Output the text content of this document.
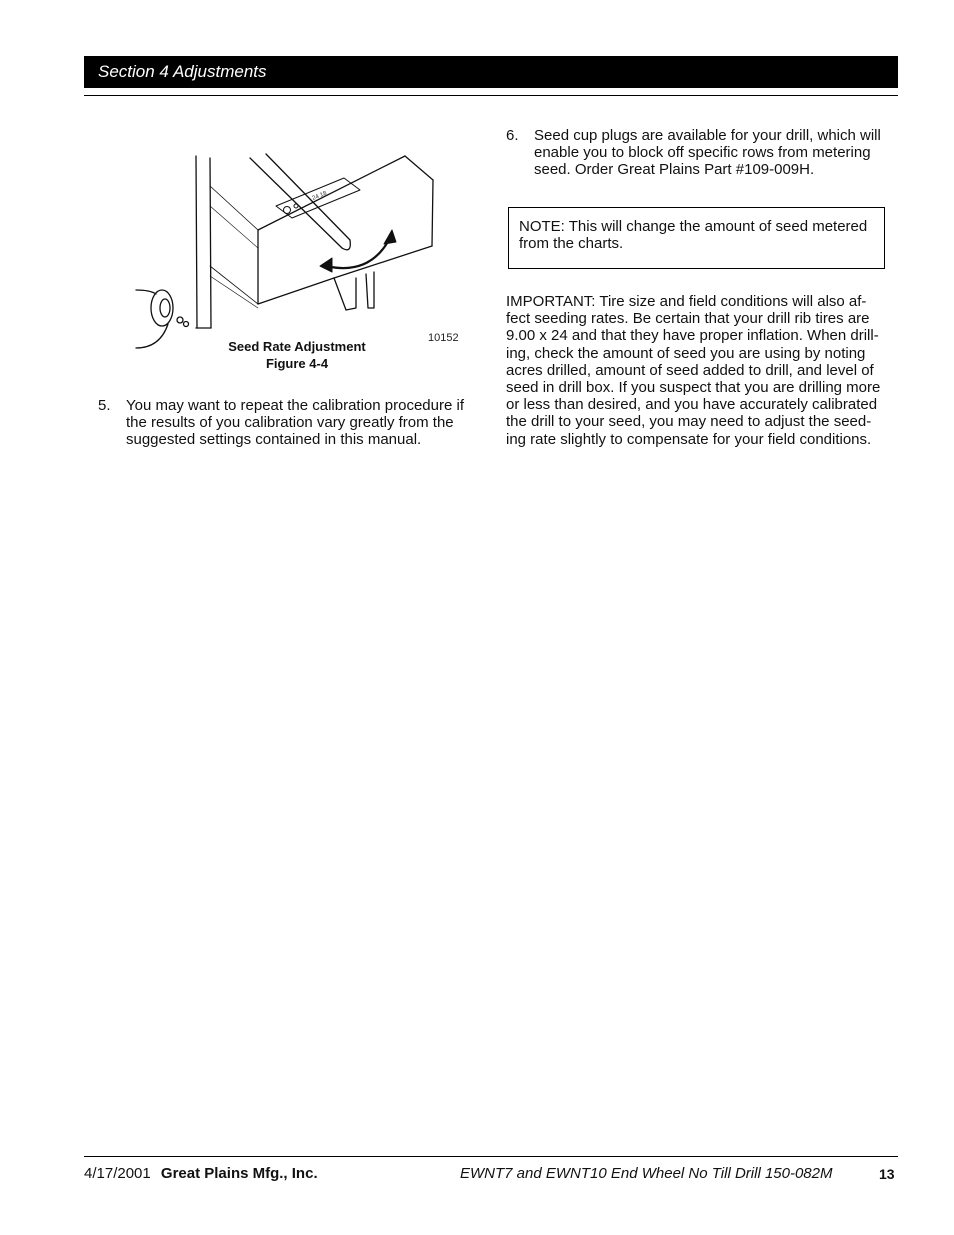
Section 4 Adjustments
24 18
10152
Seed Rate Adjustment
Figure 4-4
5. You may want to repeat the calibration procedure if the results of you calibration vary greatly from the suggested settings contained in this manual.
6. Seed cup plugs are available for your drill, which will enable you to block off specific rows from metering seed. Order Great Plains Part #109-009H.
NOTE: This will change the amount of seed metered from the charts.
IMPORTANT: Tire size and field conditions will also af-fect seeding rates. Be certain that your drill rib tires are 9.00 x 24 and that they have proper inflation. When drill-ing, check the amount of seed you are using by noting acres drilled, amount of seed added to drill, and level of seed in drill box. If you suspect that you are drilling more or less than desired, and you have accurately calibrated the drill to your seed, you may need to adjust the seed-ing rate slightly to compensate for your field conditions.
4/17/2001 Great Plains Mfg., Inc.	EWNT7 and EWNT10 End Wheel No Till Drill 150-082M	13
